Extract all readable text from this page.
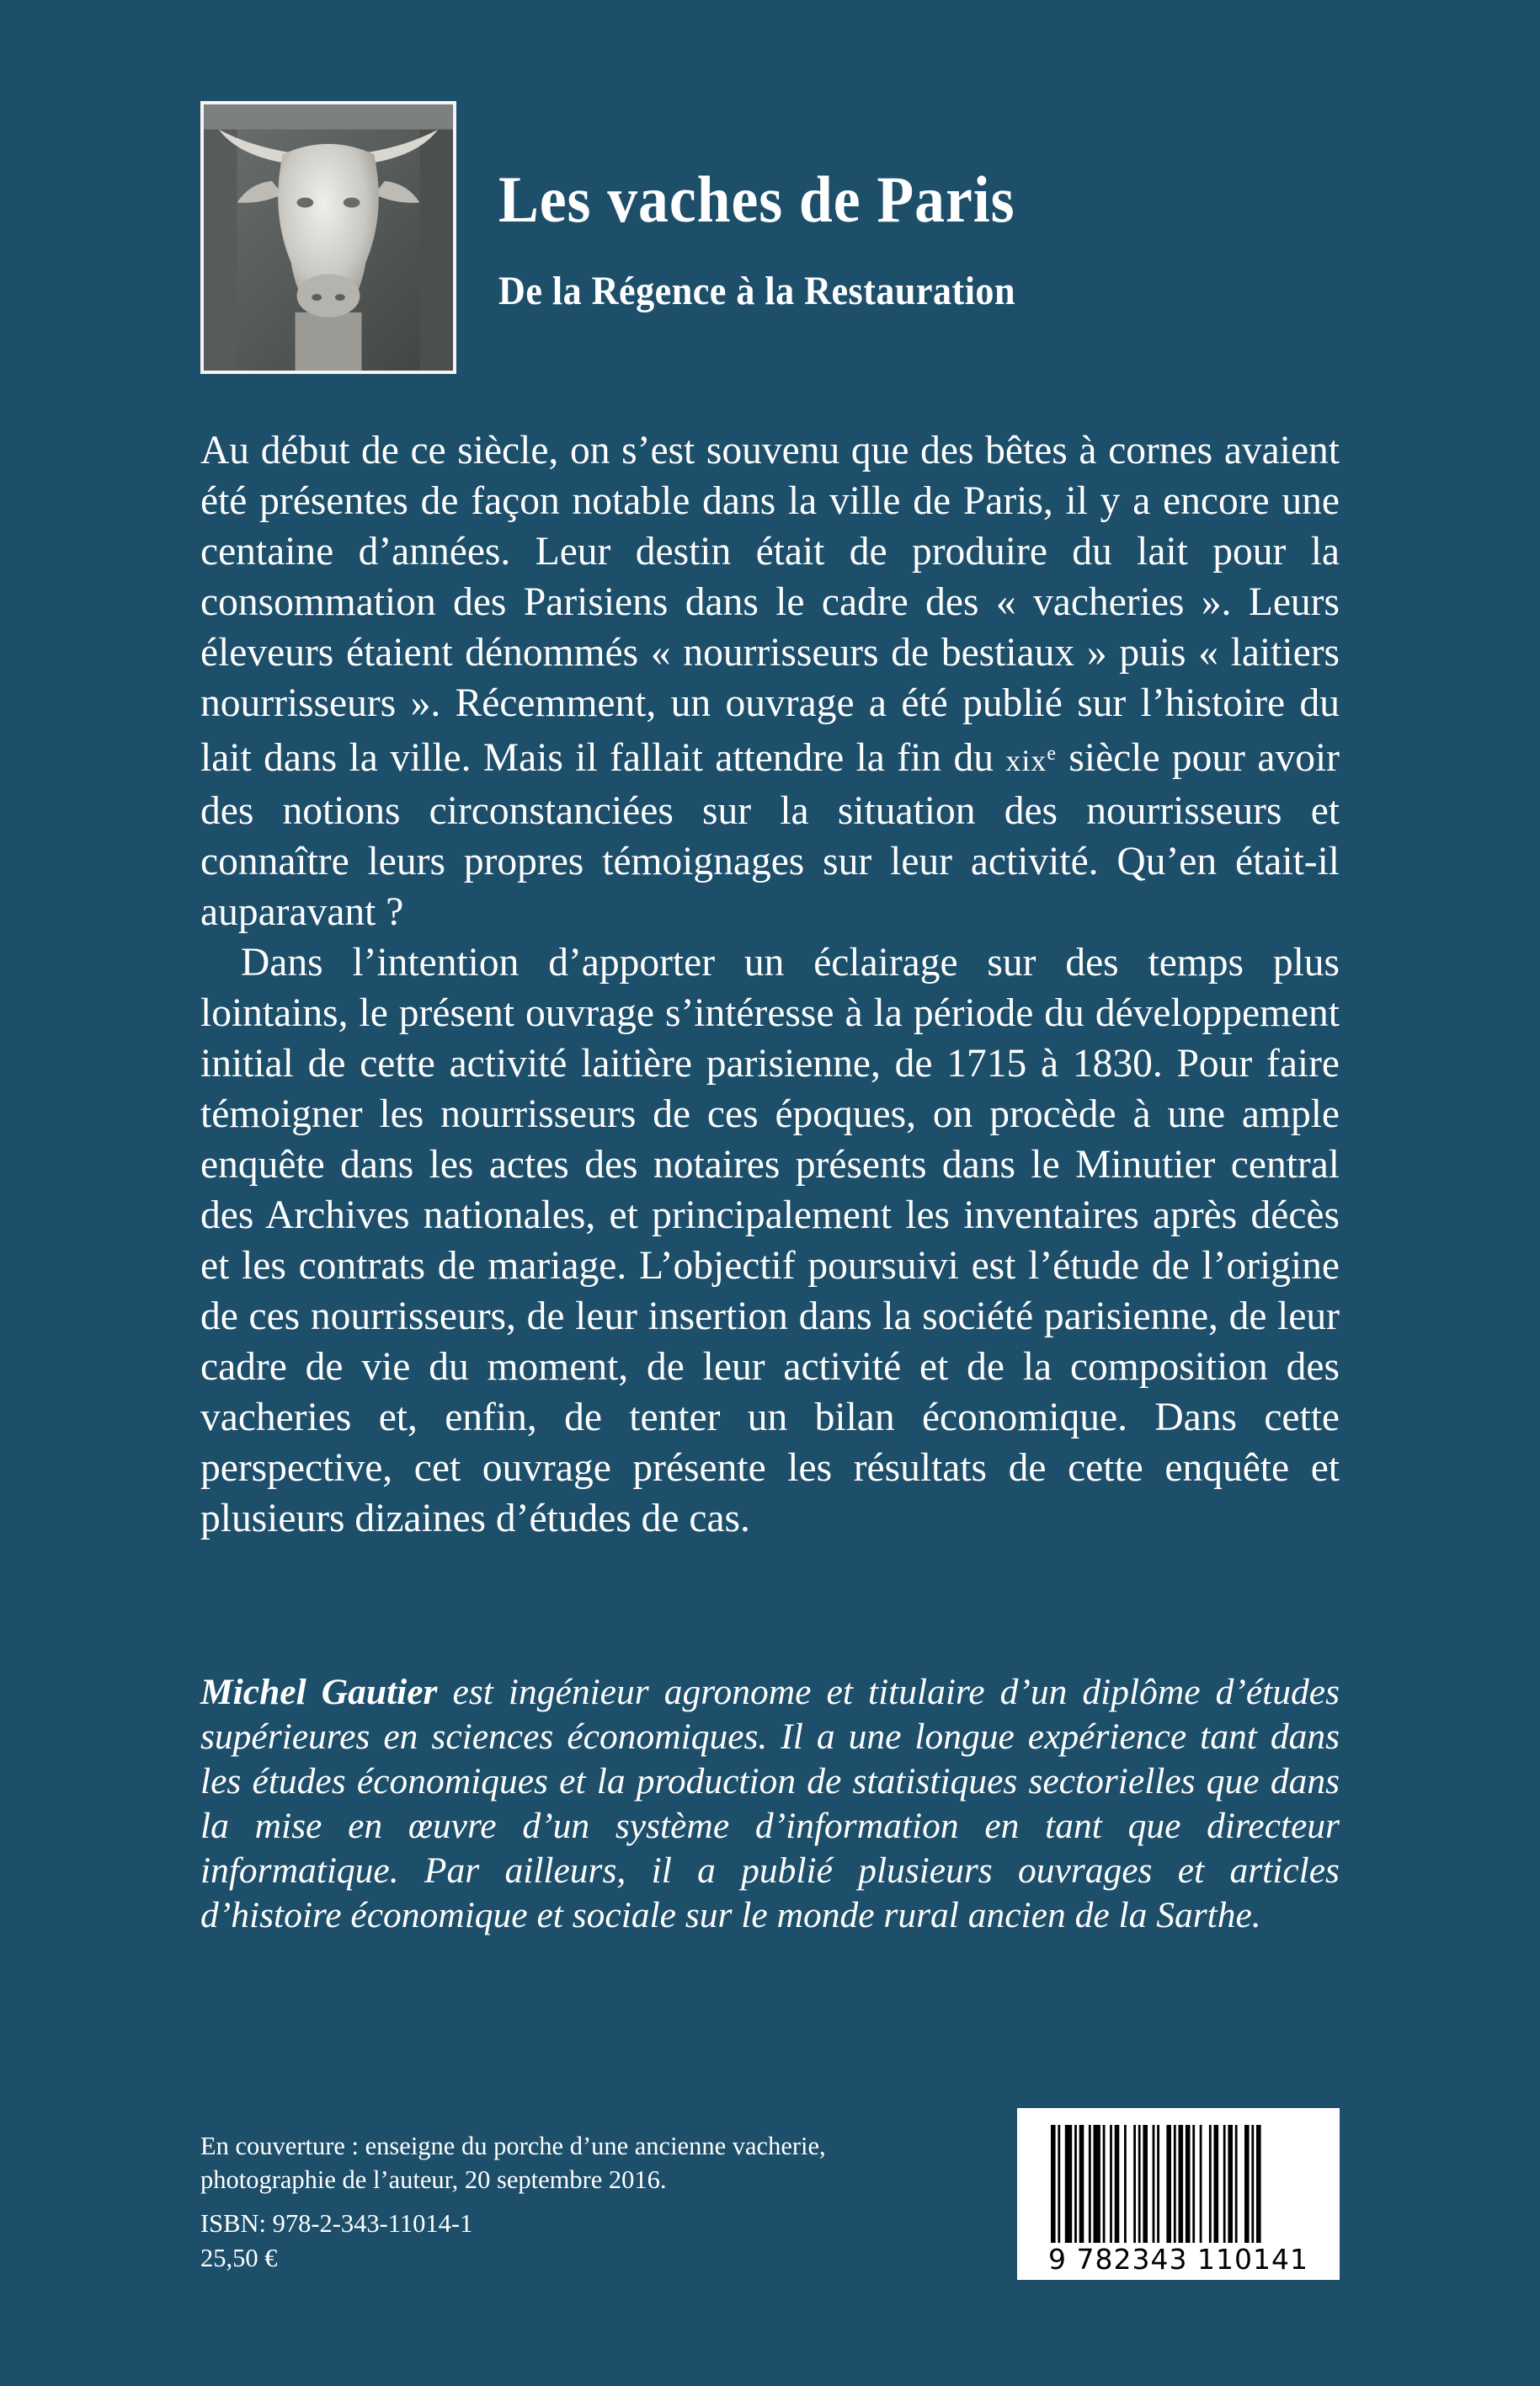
Les vaches de Paris
De la Régence à la Restauration

Au début de ce siècle, on s’est souvenu que des bêtes à cornes avaient été présentes de façon notable dans la ville de Paris, il y a encore une centaine d’années. Leur destin était de produire du lait pour la consommation des Parisiens dans le cadre des « vacheries ». Leurs éleveurs étaient dénommés « nourrisseurs de bestiaux » puis « laitiers nourrisseurs ». Récemment, un ouvrage a été publié sur l’histoire du lait dans la ville. Mais il fallait attendre la fin du xix$^e$ siècle pour avoir des notions circonstanciées sur la situation des nourrisseurs et connaître leurs propres témoignages sur leur activité. Qu’en était-il auparavant ?

Dans l’intention d’apporter un éclairage sur des temps plus lointains, le présent ouvrage s’intéresse à la période du développement initial de cette activité laitière parisienne, de 1715 à 1830. Pour faire témoigner les nourrisseurs de ces époques, on procède à une ample enquête dans les actes des notaires présents dans le Minutier central des Archives nationales, et principalement les inventaires après décès et les contrats de mariage. L’objectif poursuivi est l’étude de l’origine de ces nourrisseurs, de leur insertion dans la société parisienne, de leur cadre de vie du moment, de leur activité et de la composition des vacheries et, enfin, de tenter un bilan économique. Dans cette perspective, cet ouvrage présente les résultats de cette enquête et plusieurs dizaines d’études de cas.

Michel Gautier est ingénieur agronome et titulaire d’un diplôme d’études supérieures en sciences économiques. Il a une longue expérience tant dans les études économiques et la production de statistiques sectorielles que dans la mise en œuvre d’un système d’information en tant que directeur informatique. Par ailleurs, il a publié plusieurs ouvrages et articles d’histoire économique et sociale sur le monde rural ancien de la Sarthe.

En couverture : enseigne du porche d’une ancienne vacherie, photographie de l’auteur, 20 septembre 2016.

ISBN: 978-2-343-11014-1

25,50 €	9 782343 110141
